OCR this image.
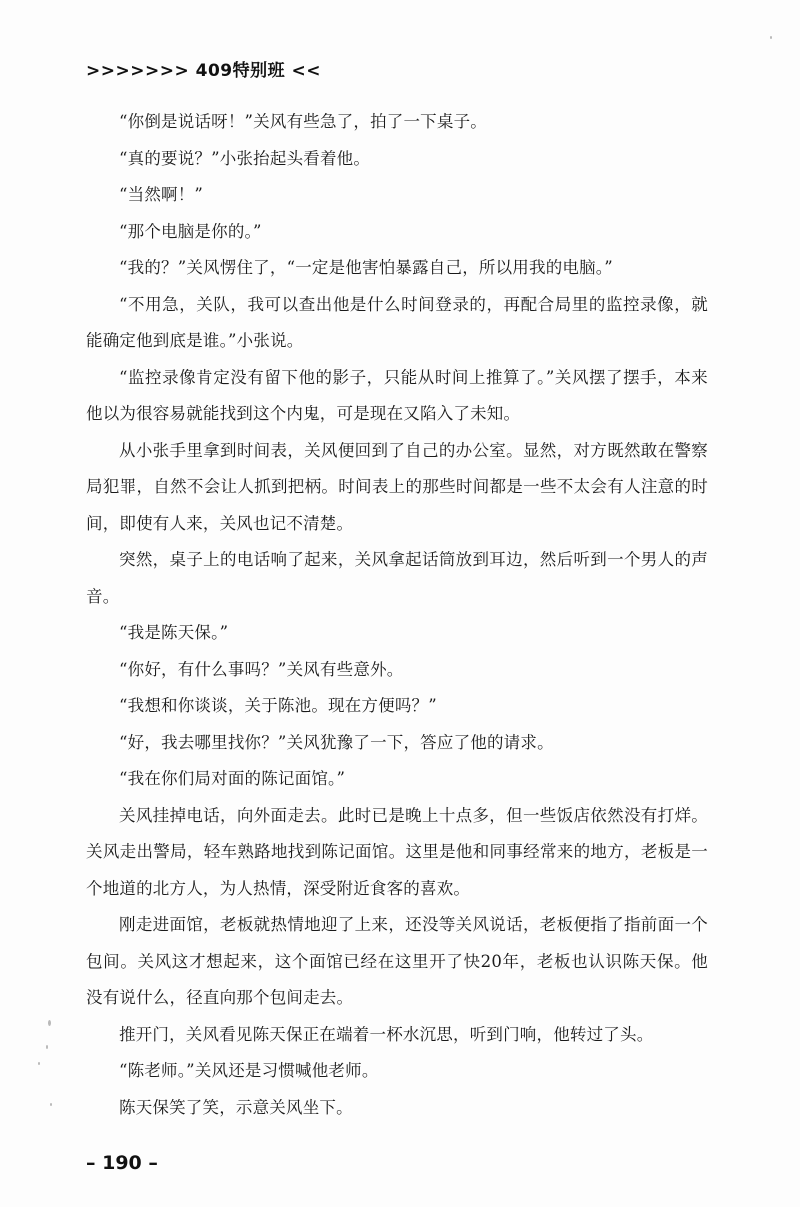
>>>>>>> 409特别班 <<

“你倒是说话呀！”关风有些急了，拍了一下桌子。

“真的要说？”小张抬起头看着他。

“当然啊！”

“那个电脑是你的。”

“我的？”关风愣住了，“一定是他害怕暴露自己，所以用我的电脑。”

“不用急，关队，我可以查出他是什么时间登录的，再配合局里的监控录像，就能确定他到底是谁。”小张说。

“监控录像肯定没有留下他的影子，只能从时间上推算了。”关风摆了摆手，本来他以为很容易就能找到这个内鬼，可是现在又陷入了未知。

从小张手里拿到时间表，关风便回到了自己的办公室。显然，对方既然敢在警察局犯罪，自然不会让人抓到把柄。时间表上的那些时间都是一些不太会有人注意的时间，即使有人来，关风也记不清楚。

突然，桌子上的电话响了起来，关风拿起话筒放到耳边，然后听到一个男人的声音。

“我是陈天保。”

“你好，有什么事吗？”关风有些意外。

“我想和你谈谈，关于陈池。现在方便吗？”

“好，我去哪里找你？”关风犹豫了一下，答应了他的请求。

“我在你们局对面的陈记面馆。”

关风挂掉电话，向外面走去。此时已是晚上十点多，但一些饭店依然没有打烊。关风走出警局，轻车熟路地找到陈记面馆。这里是他和同事经常来的地方，老板是一个地道的北方人，为人热情，深受附近食客的喜欢。

刚走进面馆，老板就热情地迎了上来，还没等关风说话，老板便指了指前面一个包间。关风这才想起来，这个面馆已经在这里开了快20年，老板也认识陈天保。他没有说什么，径直向那个包间走去。

推开门，关风看见陈天保正在端着一杯水沉思，听到门响，他转过了头。

“陈老师。”关风还是习惯喊他老师。

陈天保笑了笑，示意关风坐下。

– 190 –
